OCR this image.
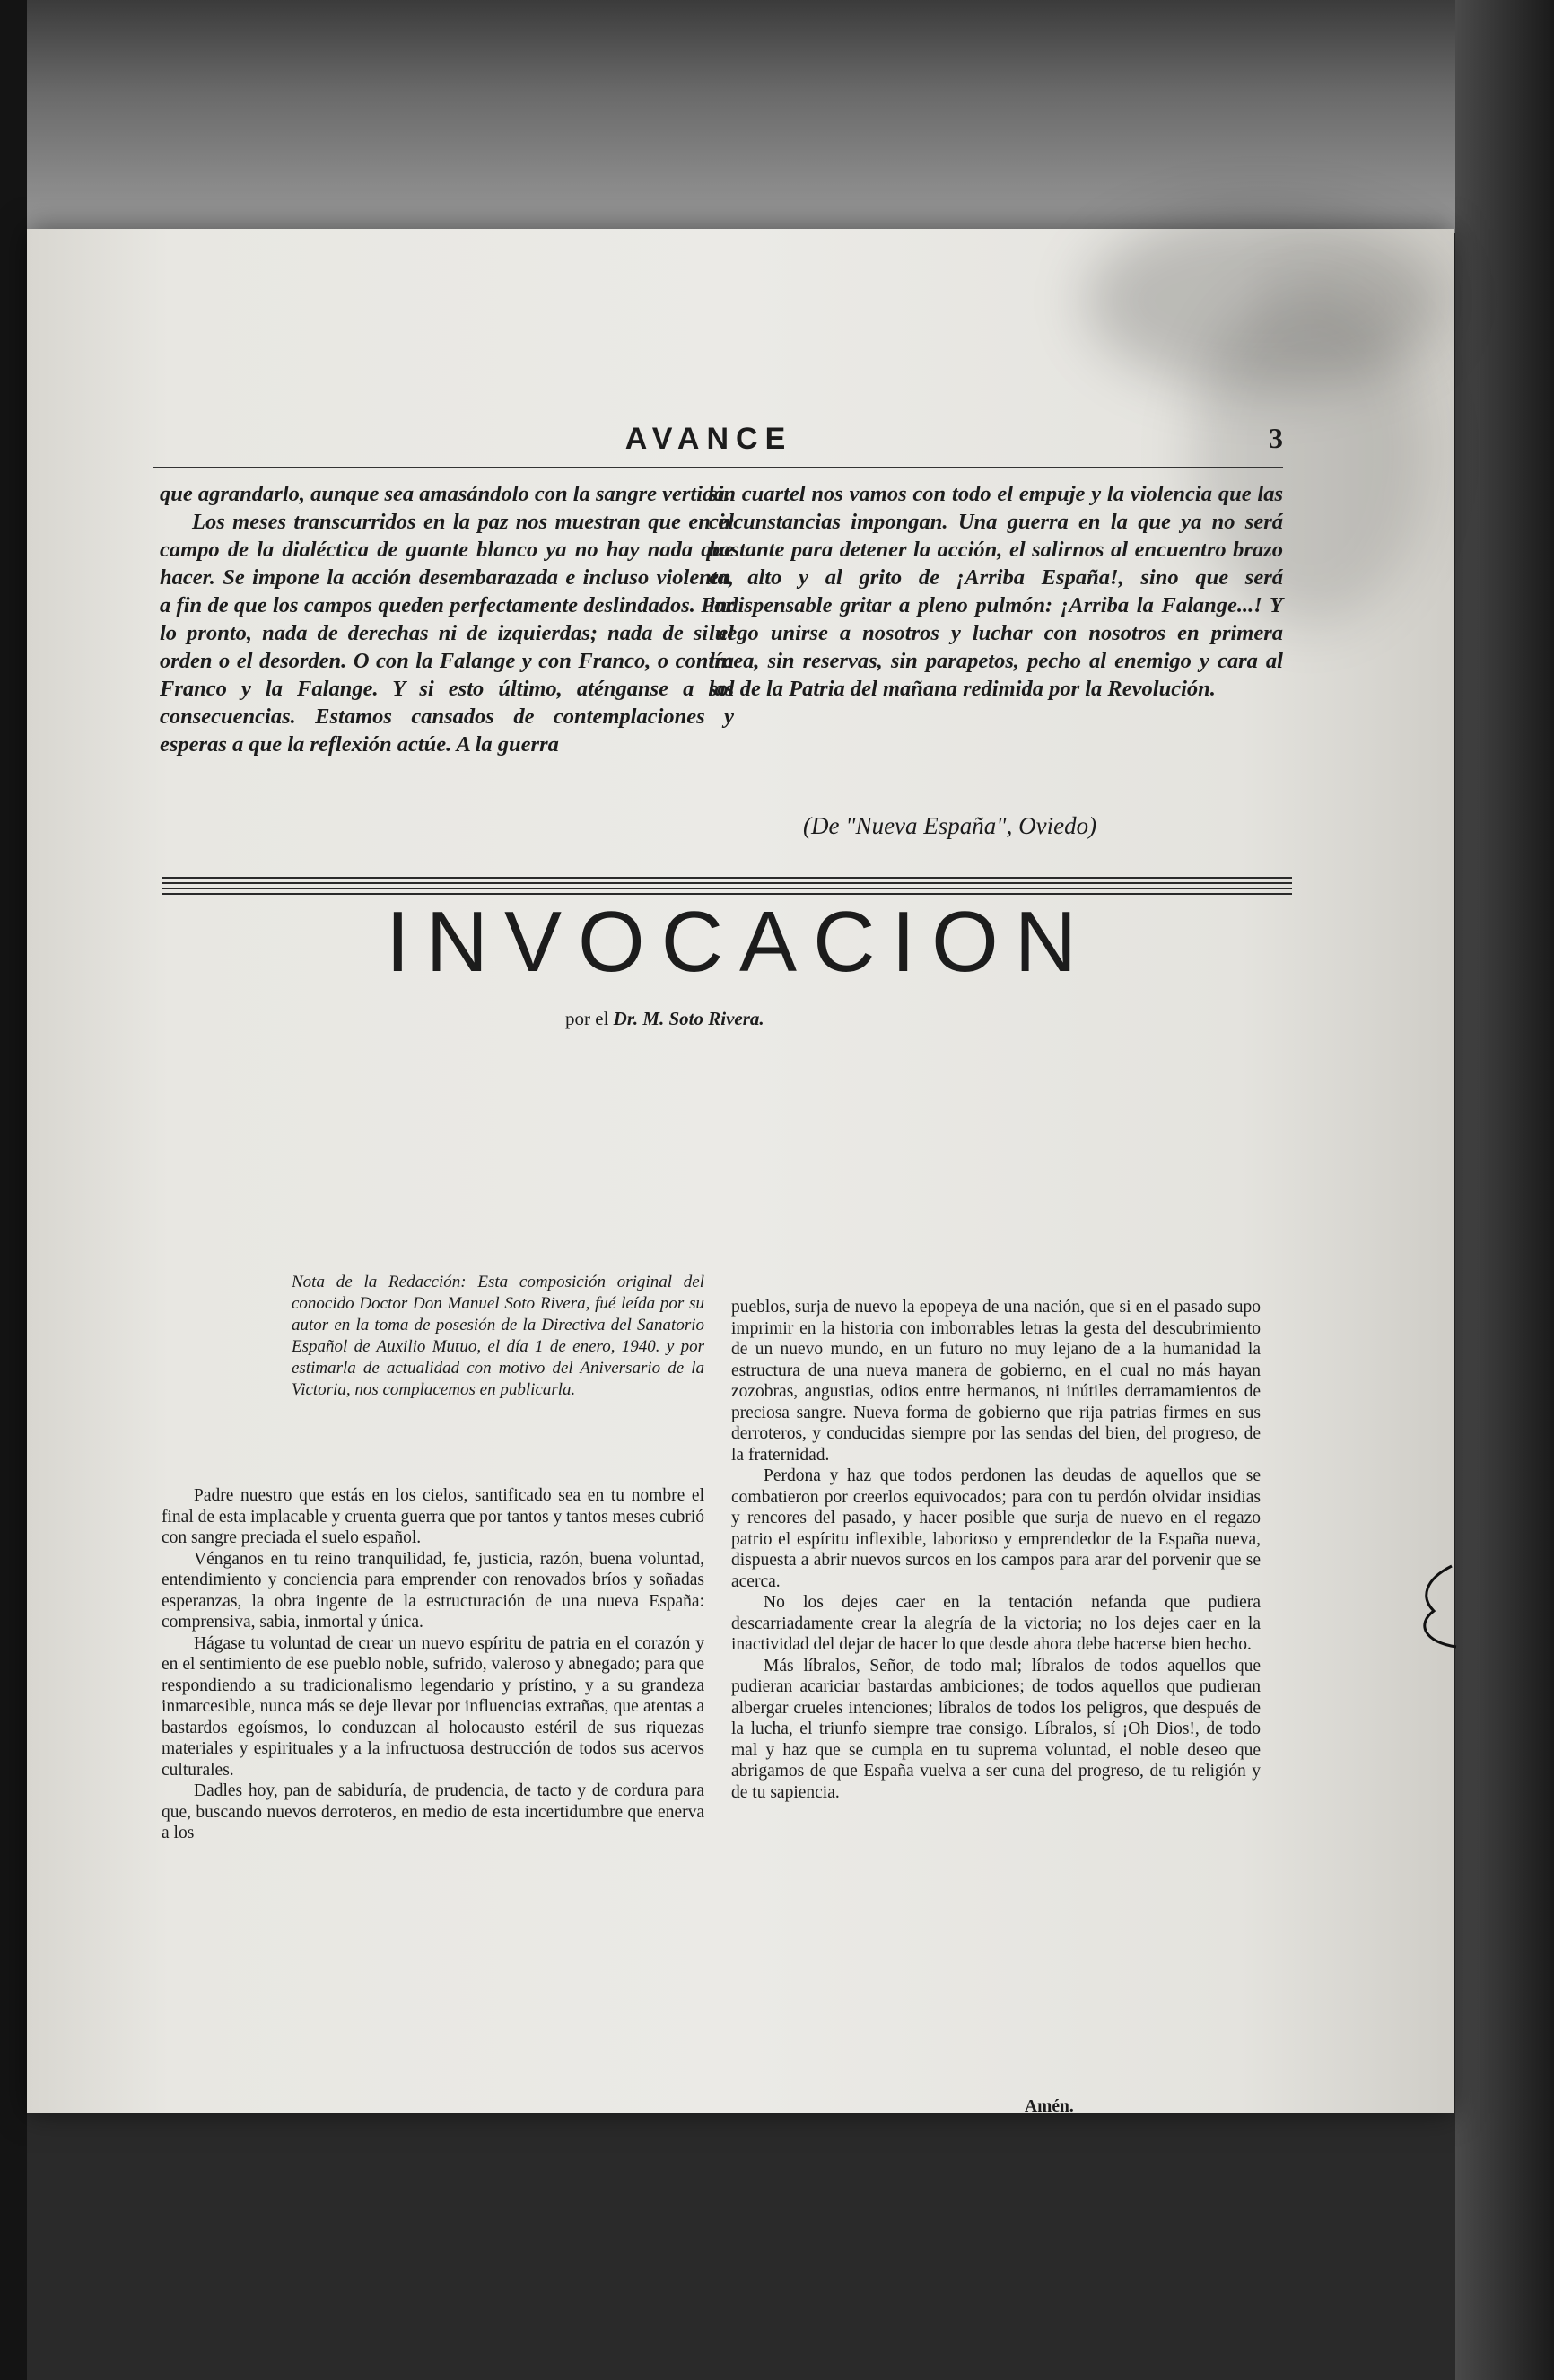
AVANCE	3

que agrandarlo, aunque sea amasándolo con la sangre vertida.

Los meses transcurridos en la paz nos muestran que en el campo de la dialéctica de guante blanco ya no hay nada que hacer. Se impone la acción desembarazada e incluso violenta, a fin de que los campos queden perfectamente deslindados. Por lo pronto, nada de derechas ni de izquierdas; nada de si el orden o el desorden. O con la Falange y con Franco, o contra Franco y la Falange. Y si esto último, aténganse a las consecuencias. Estamos cansados de contemplaciones y esperas a que la reflexión actúe. A la guerra

sin cuartel nos vamos con todo el empuje y la violencia que las circunstancias impongan. Una guerra en la que ya no será bastante para detener la acción, el salirnos al encuentro brazo en alto y al grito de ¡Arriba España!, sino que será indispensable gritar a pleno pulmón: ¡Arriba la Falange...! Y luego unirse a nosotros y luchar con nosotros en primera línea, sin reservas, sin parapetos, pecho al enemigo y cara al sol de la Patria del mañana redimida por la Revolución.

(De "Nueva España", Oviedo)
INVOCACION
por el Dr. M. Soto Rivera.
Nota de la Redacción: Esta composición original del conocido Doctor Don Manuel Soto Rivera, fué leída por su autor en la toma de posesión de la Directiva del Sanatorio Español de Auxilio Mutuo, el día 1 de enero, 1940. y por estimarla de actualidad con motivo del Aniversario de la Victoria, nos complacemos en publicarla.

Padre nuestro que estás en los cielos, santificado sea en tu nombre el final de esta implacable y cruenta guerra que por tantos y tantos meses cubrió con sangre preciada el suelo español.

Vénganos en tu reino tranquilidad, fe, justicia, razón, buena voluntad, entendimiento y conciencia para emprender con renovados bríos y soñadas esperanzas, la obra ingente de la estructuración de una nueva España: comprensiva, sabia, inmortal y única.

Hágase tu voluntad de crear un nuevo espíritu de patria en el corazón y en el sentimiento de ese pueblo noble, sufrido, valeroso y abnegado; para que respondiendo a su tradicionalismo legendario y prístino, y a su grandeza inmarcesible, nunca más se deje llevar por influencias extrañas, que atentas a bastardos egoísmos, lo conduzcan al holocausto estéril de sus riquezas materiales y espirituales y a la infructuosa destrucción de todos sus acervos culturales.

Dadles hoy, pan de sabiduría, de prudencia, de tacto y de cordura para que, buscando nuevos derroteros, en medio de esta incertidumbre que enerva a los

pueblos, surja de nuevo la epopeya de una nación, que si en el pasado supo imprimir en la historia con imborrables letras la gesta del descubrimiento de un nuevo mundo, en un futuro no muy lejano de a la humanidad la estructura de una nueva manera de gobierno, en el cual no más hayan zozobras, angustias, odios entre hermanos, ni inútiles derramamientos de preciosa sangre. Nueva forma de gobierno que rija patrias firmes en sus derroteros, y conducidas siempre por las sendas del bien, del progreso, de la fraternidad.

Perdona y haz que todos perdonen las deudas de aquellos que se combatieron por creerlos equivocados; para con tu perdón olvidar insidias y rencores del pasado, y hacer posible que surja de nuevo en el regazo patrio el espíritu inflexible, laborioso y emprendedor de la España nueva, dispuesta a abrir nuevos surcos en los campos para arar del porvenir que se acerca.

No los dejes caer en la tentación nefanda que pudiera descarriadamente crear la alegría de la victoria; no los dejes caer en la inactividad del dejar de hacer lo que desde ahora debe hacerse bien hecho.

Más líbralos, Señor, de todo mal; líbralos de todos aquellos que pudieran acariciar bastardas ambiciones; de todos aquellos que pudieran albergar crueles intenciones; líbralos de todos los peligros, que después de la lucha, el triunfo siempre trae consigo. Líbralos, sí ¡Oh Dios!, de todo mal y haz que se cumpla en tu suprema voluntad, el noble deseo que abrigamos de que España vuelva a ser cuna del progreso, de tu religión y de tu sapiencia.

Amén.
